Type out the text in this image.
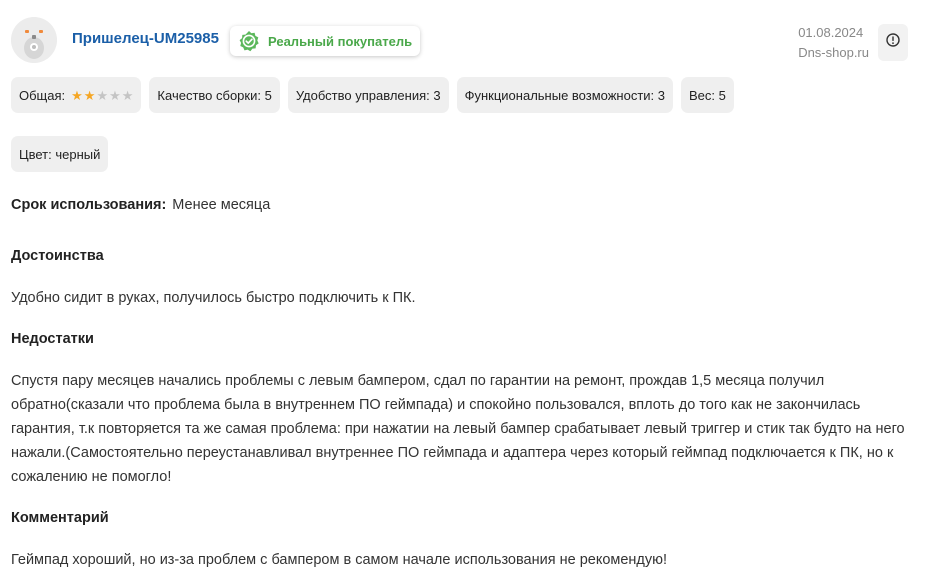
Пришелец-UM25985	Реальный покупатель
01.08.2024
Dns-shop.ru
Общая: ★ ★ ★ ★ ★	Качество сборки: 5	Удобство управления: 3	Функциональные возможности: 3	Вес: 5
Цвет: черный
Срок использования: Менее месяца
Достоинства
Удобно сидит в руках, получилось быстро подключить к ПК.
Недостатки
Спустя пару месяцев начались проблемы с левым бампером, сдал по гарантии на ремонт, прождав 1,5 месяца получил обратно(сказали что проблема была в внутреннем ПО геймпада) и спокойно пользовался, вплоть до того как не закончилась гарантия, т.к повторяется та же самая проблема: при нажатии на левый бампер срабатывает левый триггер и стик так будто на него нажали.(Самостоятельно переустанавливал внутреннее ПО геймпада и адаптера через который геймпад подключается к ПК, но к сожалению не помогло!
Комментарий
Геймпад хороший, но из-за проблем с бампером в самом начале использования не рекомендую!
